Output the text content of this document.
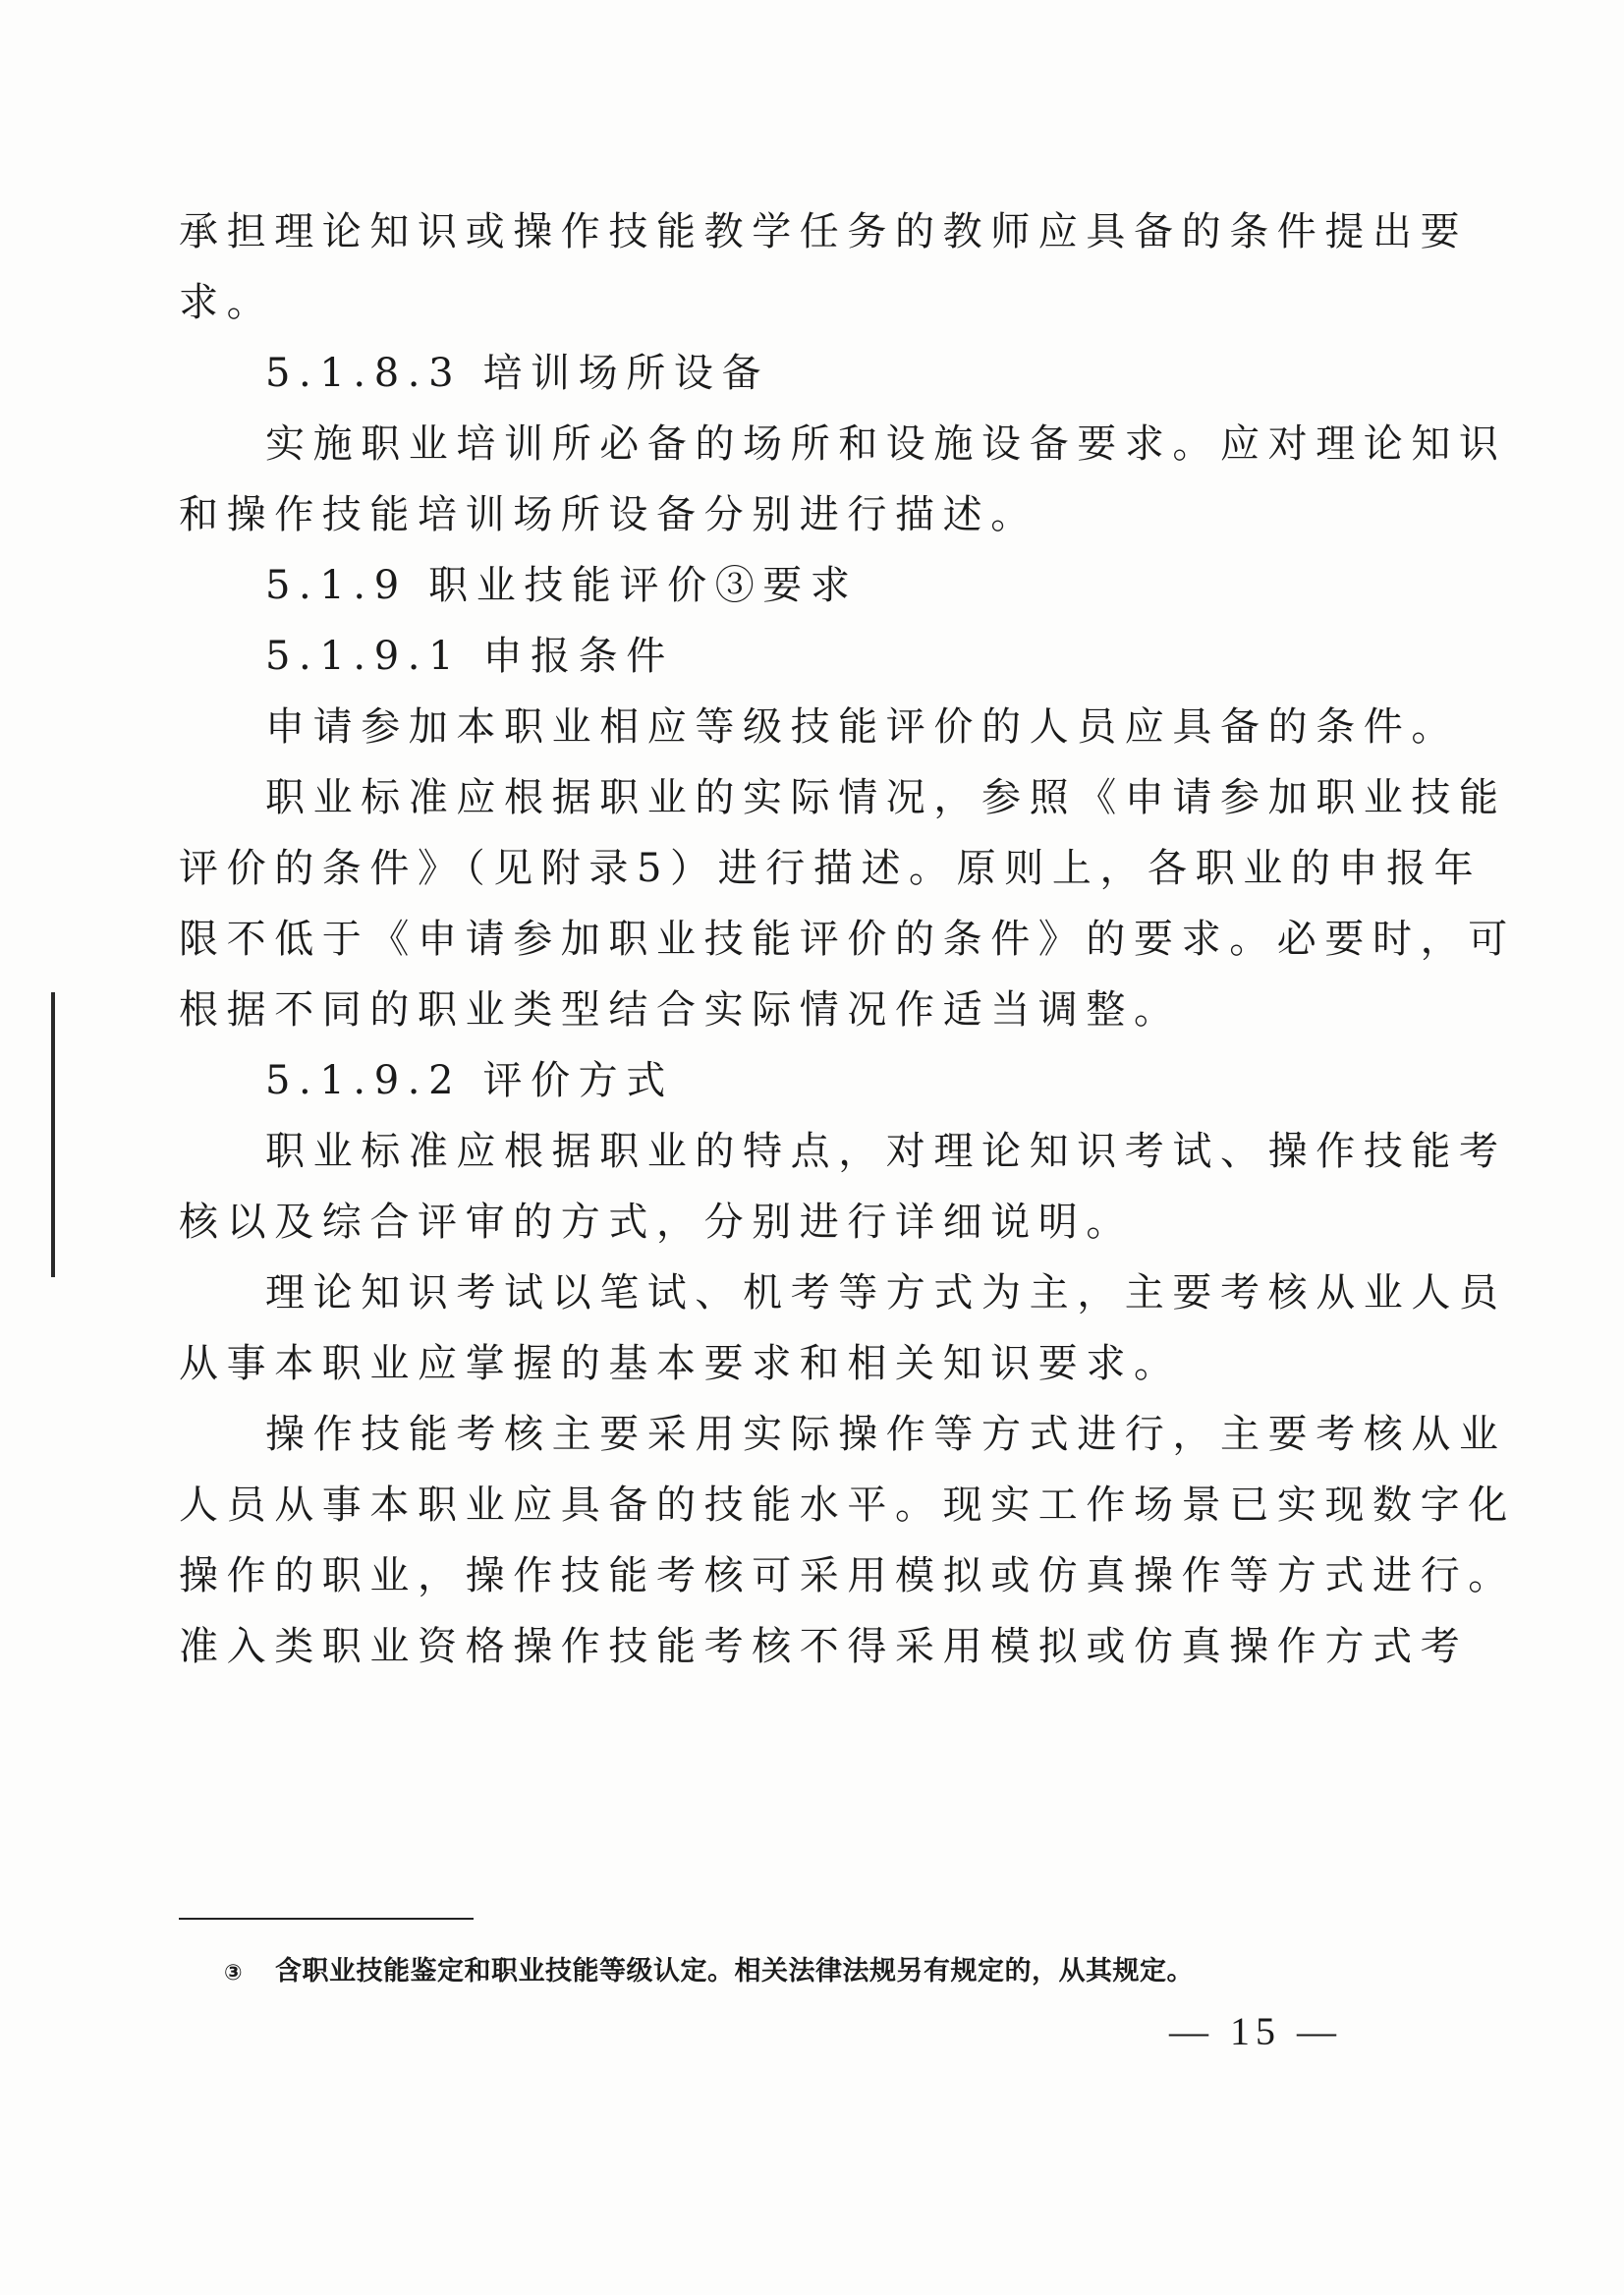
承担理论知识或操作技能教学任务的教师应具备的条件提出要
求。
5.1.8.3 培训场所设备
实施职业培训所必备的场所和设施设备要求。应对理论知识
和操作技能培训场所设备分别进行描述。
5.1.9 职业技能评价③要求
5.1.9.1 申报条件
申请参加本职业相应等级技能评价的人员应具备的条件。
职业标准应根据职业的实际情况，参照《申请参加职业技能
评价的条件》（见附录5）进行描述。原则上，各职业的申报年
限不低于《申请参加职业技能评价的条件》的要求。必要时，可
根据不同的职业类型结合实际情况作适当调整。
5.1.9.2 评价方式
职业标准应根据职业的特点，对理论知识考试、操作技能考
核以及综合评审的方式，分别进行详细说明。
理论知识考试以笔试、机考等方式为主，主要考核从业人员
从事本职业应掌握的基本要求和相关知识要求。
操作技能考核主要采用实际操作等方式进行，主要考核从业
人员从事本职业应具备的技能水平。现实工作场景已实现数字化
操作的职业，操作技能考核可采用模拟或仿真操作等方式进行。
准入类职业资格操作技能考核不得采用模拟或仿真操作方式考
③ 含职业技能鉴定和职业技能等级认定。相关法律法规另有规定的，从其规定。
— 15 —
